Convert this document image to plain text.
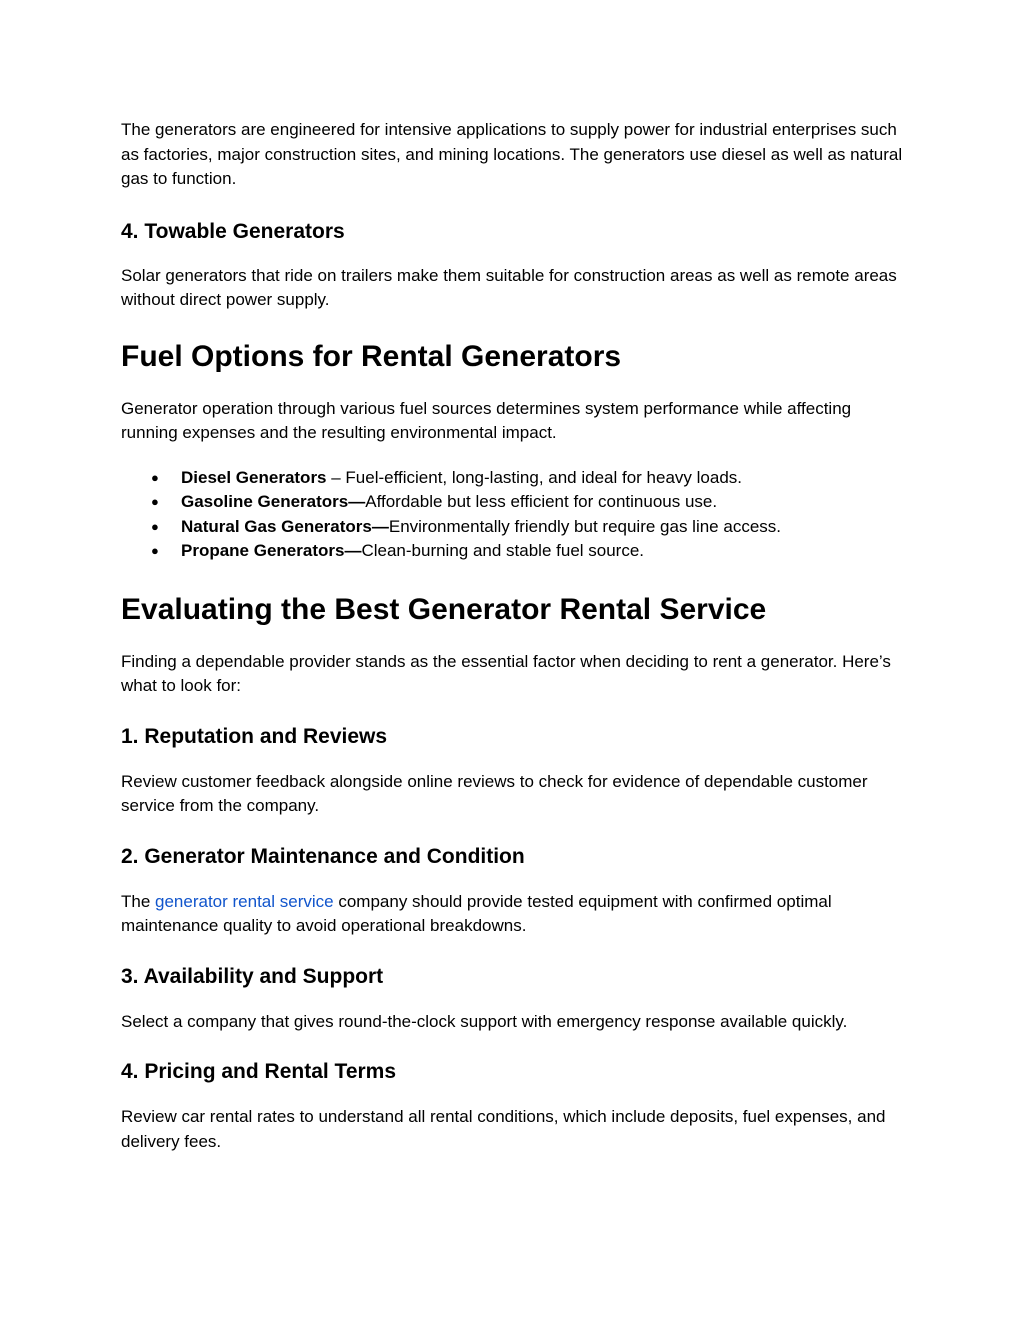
The generators are engineered for intensive applications to supply power for industrial enterprises such as factories, major construction sites, and mining locations. The generators use diesel as well as natural gas to function.

4. Towable Generators

Solar generators that ride on trailers make them suitable for construction areas as well as remote areas without direct power supply.

Fuel Options for Rental Generators

Generator operation through various fuel sources determines system performance while affecting running expenses and the resulting environmental impact.

● Diesel Generators – Fuel-efficient, long-lasting, and ideal for heavy loads.
● Gasoline Generators—Affordable but less efficient for continuous use.
● Natural Gas Generators—Environmentally friendly but require gas line access.
● Propane Generators—Clean-burning and stable fuel source.
Evaluating the Best Generator Rental Service

Finding a dependable provider stands as the essential factor when deciding to rent a generator. Here’s what to look for:

1. Reputation and Reviews

Review customer feedback alongside online reviews to check for evidence of dependable customer service from the company.

2. Generator Maintenance and Condition

The generator rental service company should provide tested equipment with confirmed optimal maintenance quality to avoid operational breakdowns.

3. Availability and Support

Select a company that gives round-the-clock support with emergency response available quickly.

4. Pricing and Rental Terms

Review car rental rates to understand all rental conditions, which include deposits, fuel expenses, and delivery fees.
